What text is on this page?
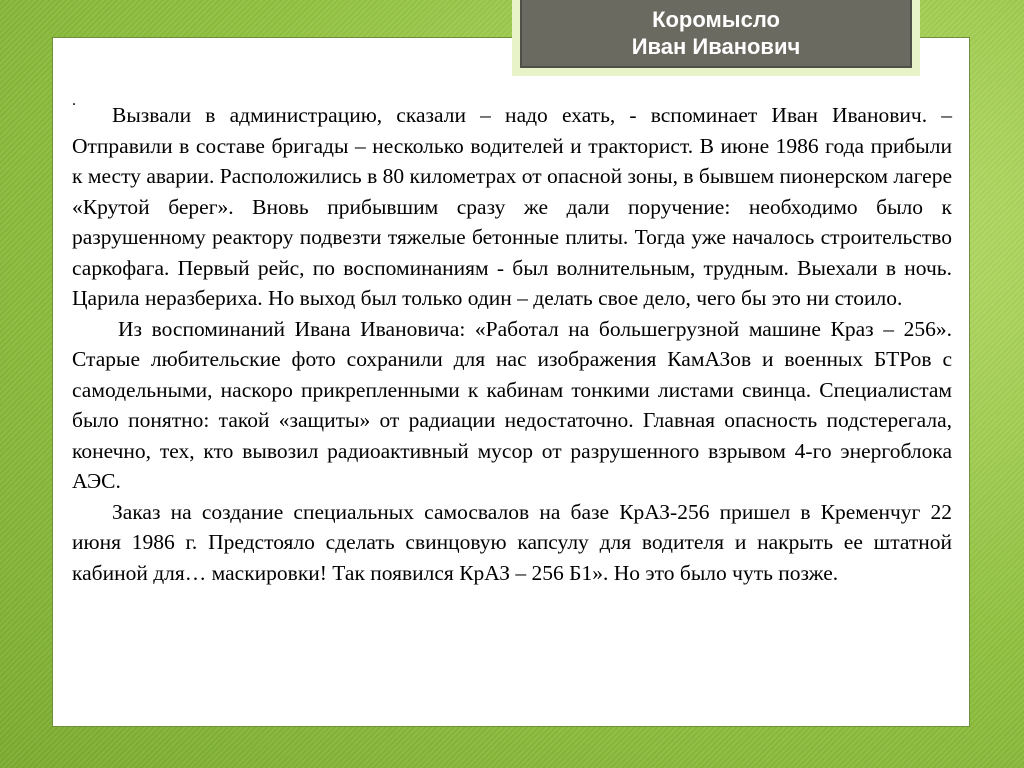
Коромысло
Иван Иванович
.

Вызвали в администрацию, сказали – надо ехать, - вспоминает Иван Иванович. – Отправили в составе бригады – несколько водителей и тракторист. В июне 1986 года прибыли к месту аварии. Расположились в 80 километрах от опасной зоны, в бывшем пионерском лагере «Крутой берег». Вновь прибывшим сразу же дали поручение: необходимо было к разрушенному реактору подвезти тяжелые бетонные плиты. Тогда уже началось строительство саркофага. Первый рейс, по воспоминаниям - был волнительным, трудным. Выехали в ночь. Царила неразбериха. Но выход был только один – делать свое дело, чего бы это ни стоило.

Из воспоминаний Ивана Ивановича: «Работал на большегрузной машине Краз – 256». Старые любительские фото сохранили для нас изображения КамАЗов и военных БТРов с самодельными, наскоро прикрепленными к кабинам тонкими листами свинца. Специалистам было понятно: такой «защиты» от радиации недостаточно. Главная опасность подстерегала, конечно, тех, кто вывозил радиоактивный мусор от разрушенного взрывом 4-го энергоблока АЭС.

Заказ на создание специальных самосвалов на базе КрАЗ-256 пришел в Кременчуг 22 июня 1986 г. Предстояло сделать свинцовую капсулу для водителя и накрыть ее штатной кабиной для… маскировки! Так появился КрАЗ – 256 Б1». Но это было чуть позже.
